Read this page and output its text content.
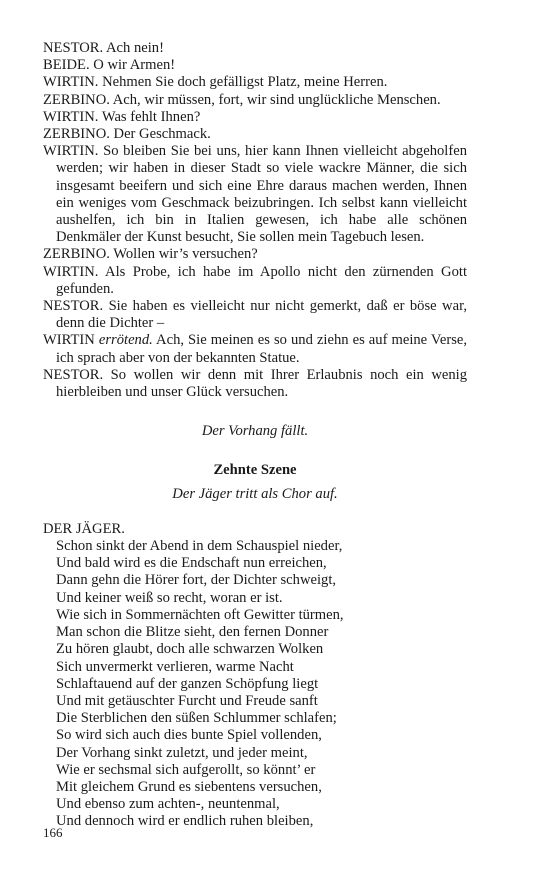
NESTOR. Ach nein!

BEIDE. O wir Armen!

WIRTIN. Nehmen Sie doch gefälligst Platz, meine Herren.

ZERBINO. Ach, wir müssen, fort, wir sind unglückliche Menschen.

WIRTIN. Was fehlt Ihnen?

ZERBINO. Der Geschmack.

WIRTIN. So bleiben Sie bei uns, hier kann Ihnen vielleicht abgeholfen werden; wir haben in dieser Stadt so viele wackre Männer, die sich insgesamt beeifern und sich eine Ehre daraus machen werden, Ihnen ein weniges vom Geschmack beizubringen. Ich selbst kann vielleicht aushelfen, ich bin in Italien gewesen, ich habe alle schönen Denkmäler der Kunst besucht, Sie sollen mein Tagebuch lesen.

ZERBINO. Wollen wir’s versuchen?

WIRTIN. Als Probe, ich habe im Apollo nicht den zürnenden Gott gefunden.

NESTOR. Sie haben es vielleicht nur nicht gemerkt, daß er böse war, denn die Dichter –

WIRTIN errötend. Ach, Sie meinen es so und ziehn es auf meine Verse, ich sprach aber von der bekannten Statue.

NESTOR. So wollen wir denn mit Ihrer Erlaubnis noch ein wenig hierbleiben und unser Glück versuchen.

Der Vorhang fällt.

Zehnte Szene

Der Jäger tritt als Chor auf.

DER JÄGER.

Schon sinkt der Abend in dem Schauspiel nieder,
Und bald wird es die Endschaft nun erreichen,
Dann gehn die Hörer fort, der Dichter schweigt,
Und keiner weiß so recht, woran er ist.
Wie sich in Sommernächten oft Gewitter türmen,
Man schon die Blitze sieht, den fernen Donner
Zu hören glaubt, doch alle schwarzen Wolken
Sich unvermerkt verlieren, warme Nacht
Schlaftauend auf der ganzen Schöpfung liegt
Und mit getäuschter Furcht und Freude sanft
Die Sterblichen den süßen Schlummer schlafen;
So wird sich auch dies bunte Spiel vollenden,
Der Vorhang sinkt zuletzt, und jeder meint,
Wie er sechsmal sich aufgerollt, so könnt’ er
Mit gleichem Grund es siebentens versuchen,
Und ebenso zum achten-, neuntenmal,
Und dennoch wird er endlich ruhen bleiben,
166
